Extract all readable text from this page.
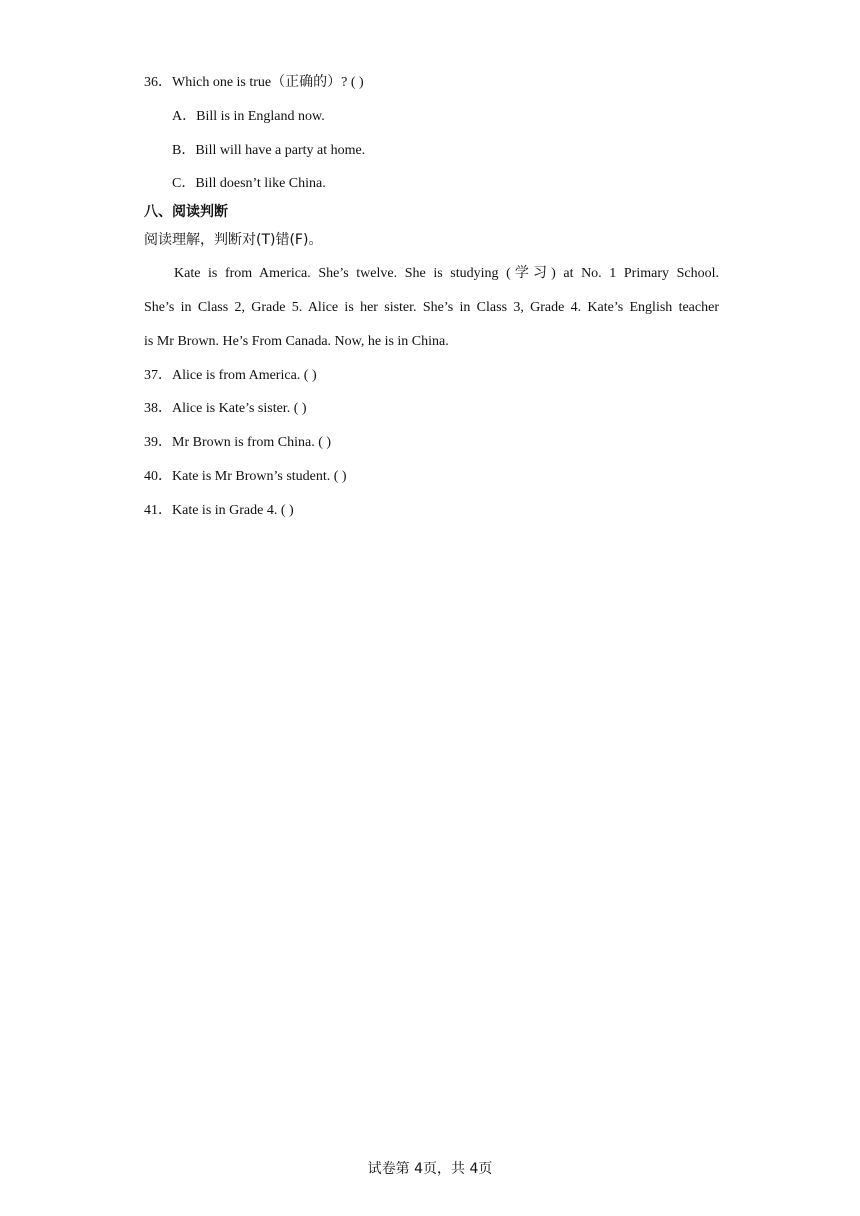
36．Which one is true（正确的）? ( )
A．Bill is in England now.
B．Bill will have a party at home.
C．Bill doesn’t like China.
八、阅读判断
阅读理解，判断对(T)错(F)。
Kate is from America. She’s twelve. She is studying (学习) at No. 1 Primary School.
She’s in Class 2, Grade 5. Alice is her sister. She’s in Class 3, Grade 4. Kate’s English teacher
is Mr Brown. He’s From Canada. Now, he is in China.
37．Alice is from America. ( )
38．Alice is Kate’s sister. ( )
39．Mr Brown is from China. ( )
40．Kate is Mr Brown’s student. ( )
41．Kate is in Grade 4. ( )
试卷第 4页，共 4页
